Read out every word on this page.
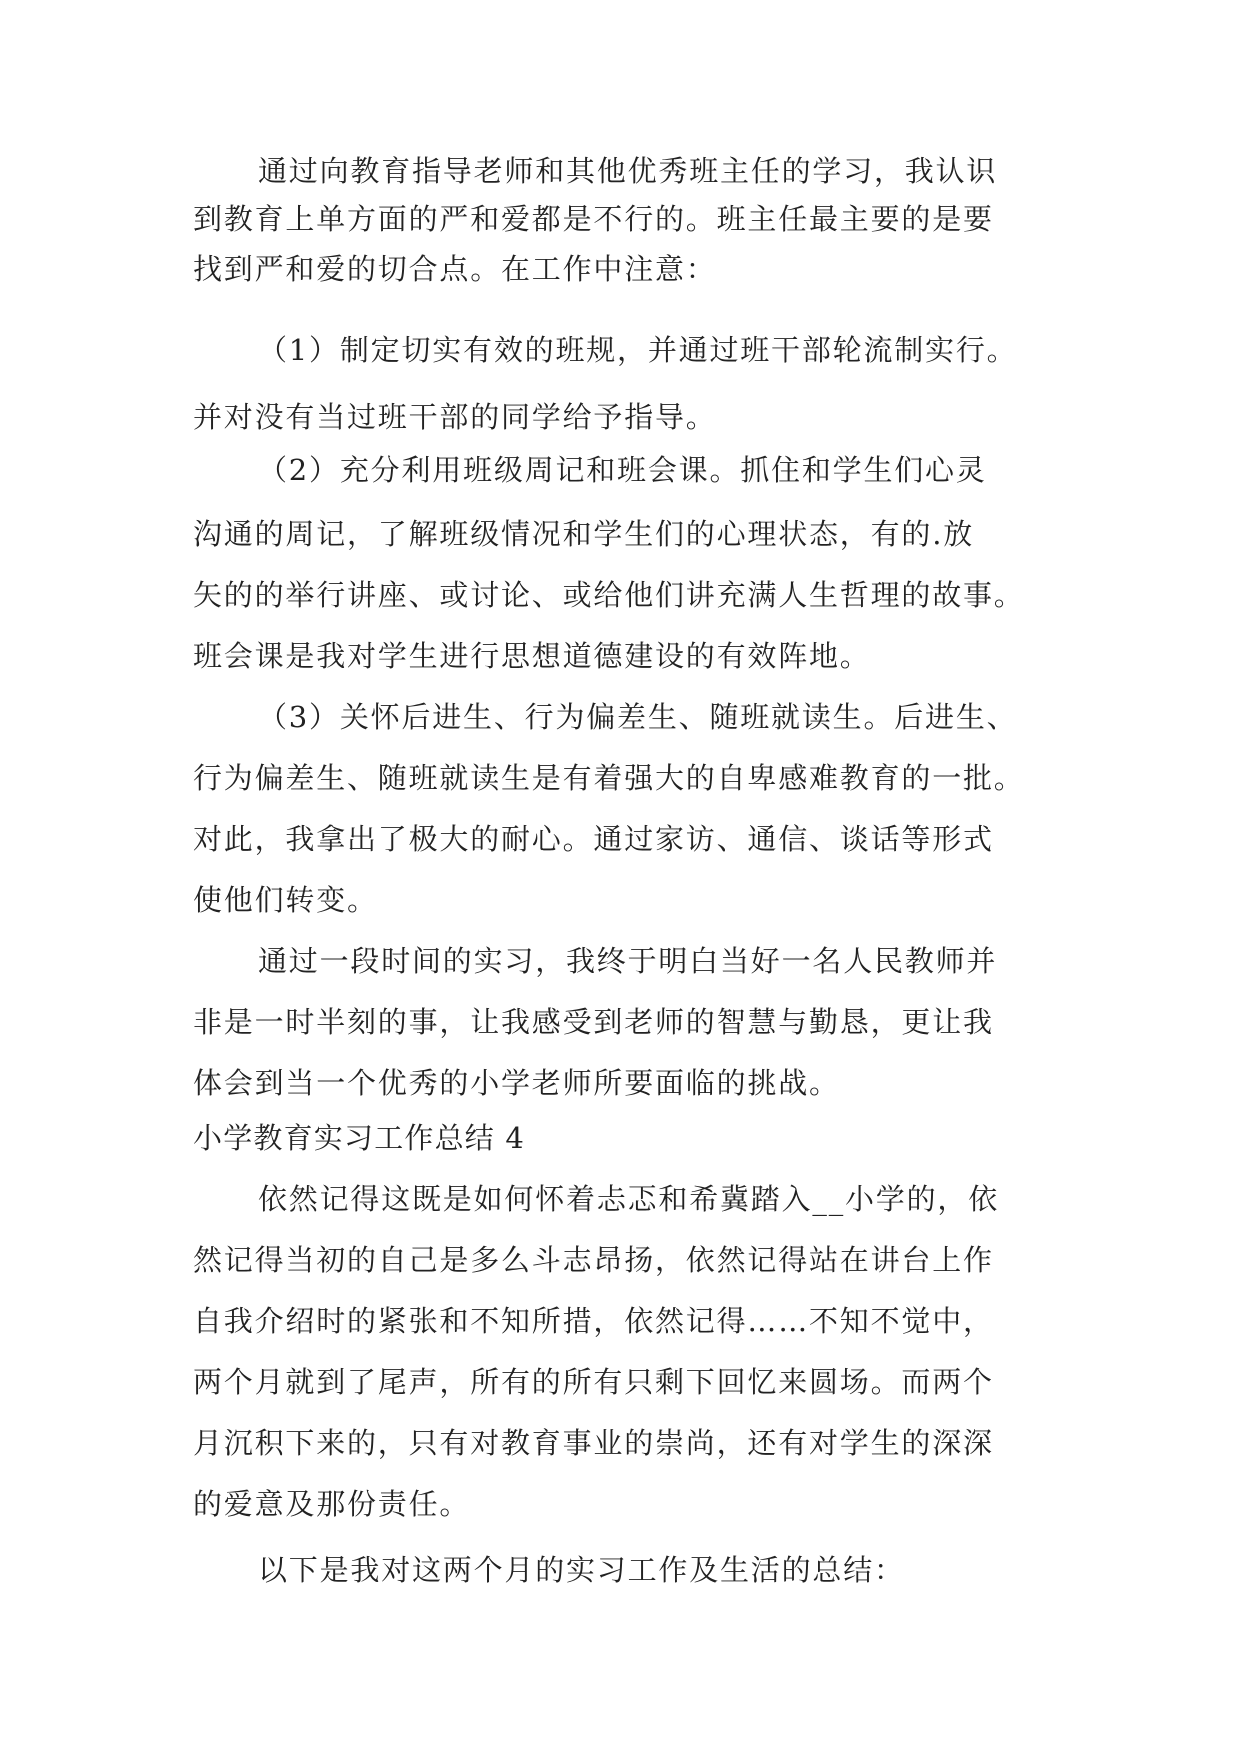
通过向教育指导老师和其他优秀班主任的学习，我认识
到教育上单方面的严和爱都是不行的。班主任最主要的是要
找到严和爱的切合点。在工作中注意：
（1）制定切实有效的班规，并通过班干部轮流制实行。
并对没有当过班干部的同学给予指导。
（2）充分利用班级周记和班会课。抓住和学生们心灵
沟通的周记，了解班级情况和学生们的心理状态，有的.放
矢的的举行讲座、或讨论、或给他们讲充满人生哲理的故事。
班会课是我对学生进行思想道德建设的有效阵地。
（3）关怀后进生、行为偏差生、随班就读生。后进生、
行为偏差生、随班就读生是有着强大的自卑感难教育的一批。
对此，我拿出了极大的耐心。通过家访、通信、谈话等形式
使他们转变。
通过一段时间的实习，我终于明白当好一名人民教师并
非是一时半刻的事，让我感受到老师的智慧与勤恳，更让我
体会到当一个优秀的小学老师所要面临的挑战。
小学教育实习工作总结 4
依然记得这既是如何怀着忐忑和希冀踏入__小学的，依
然记得当初的自己是多么斗志昂扬，依然记得站在讲台上作
自我介绍时的紧张和不知所措，依然记得……不知不觉中，
两个月就到了尾声，所有的所有只剩下回忆来圆场。而两个
月沉积下来的，只有对教育事业的崇尚，还有对学生的深深
的爱意及那份责任。
以下是我对这两个月的实习工作及生活的总结：
